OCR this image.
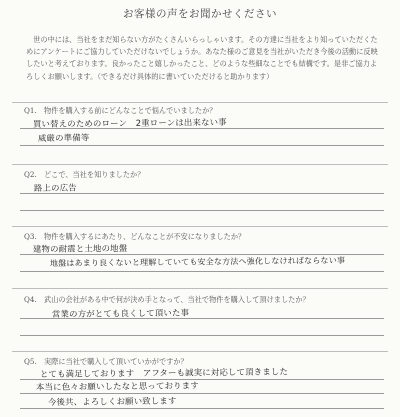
お客様の声をお聞かせください
世の中には、当社をまだ知らない方がたくさんいらっしゃいます。その方達に当社をより知っていただくためにアンケートにご協力していただけないでしょうか。あなた様のご意見を当社がいただき今後の活動に反映したいと考えております。良かったこと嬉しかったこと、どのような些細なことでも結構です。是非ご協力よろしくお願いします。（できるだけ具体的に書いていただけると助かります）
Q1.　物件を購入する前にどんなことで悩んでいましたか？
買い替えのためのローン　2重ローンは出来ない事
威厳の準備等
Q2.　どこで、当社を知りましたか？
路上の広告
Q3.　物件を購入するにあたり、どんなことが不安になりましたか？
建物の耐震と土地の地盤
地盤はあまり良くないと理解していても安全な方法へ強化しなければならない事
Q4.　武山の会社がある中で何が決め手となって、当社で物件を購入して頂けましたか？
営業の方がとても良くして頂いた事
Q5.　実際に当社で購入して頂いていかがですか？
とても満足しております　アフターも誠実に対応して頂きました
本当に色々お願いしたなと思っております
今後共、よろしくお願い致します
